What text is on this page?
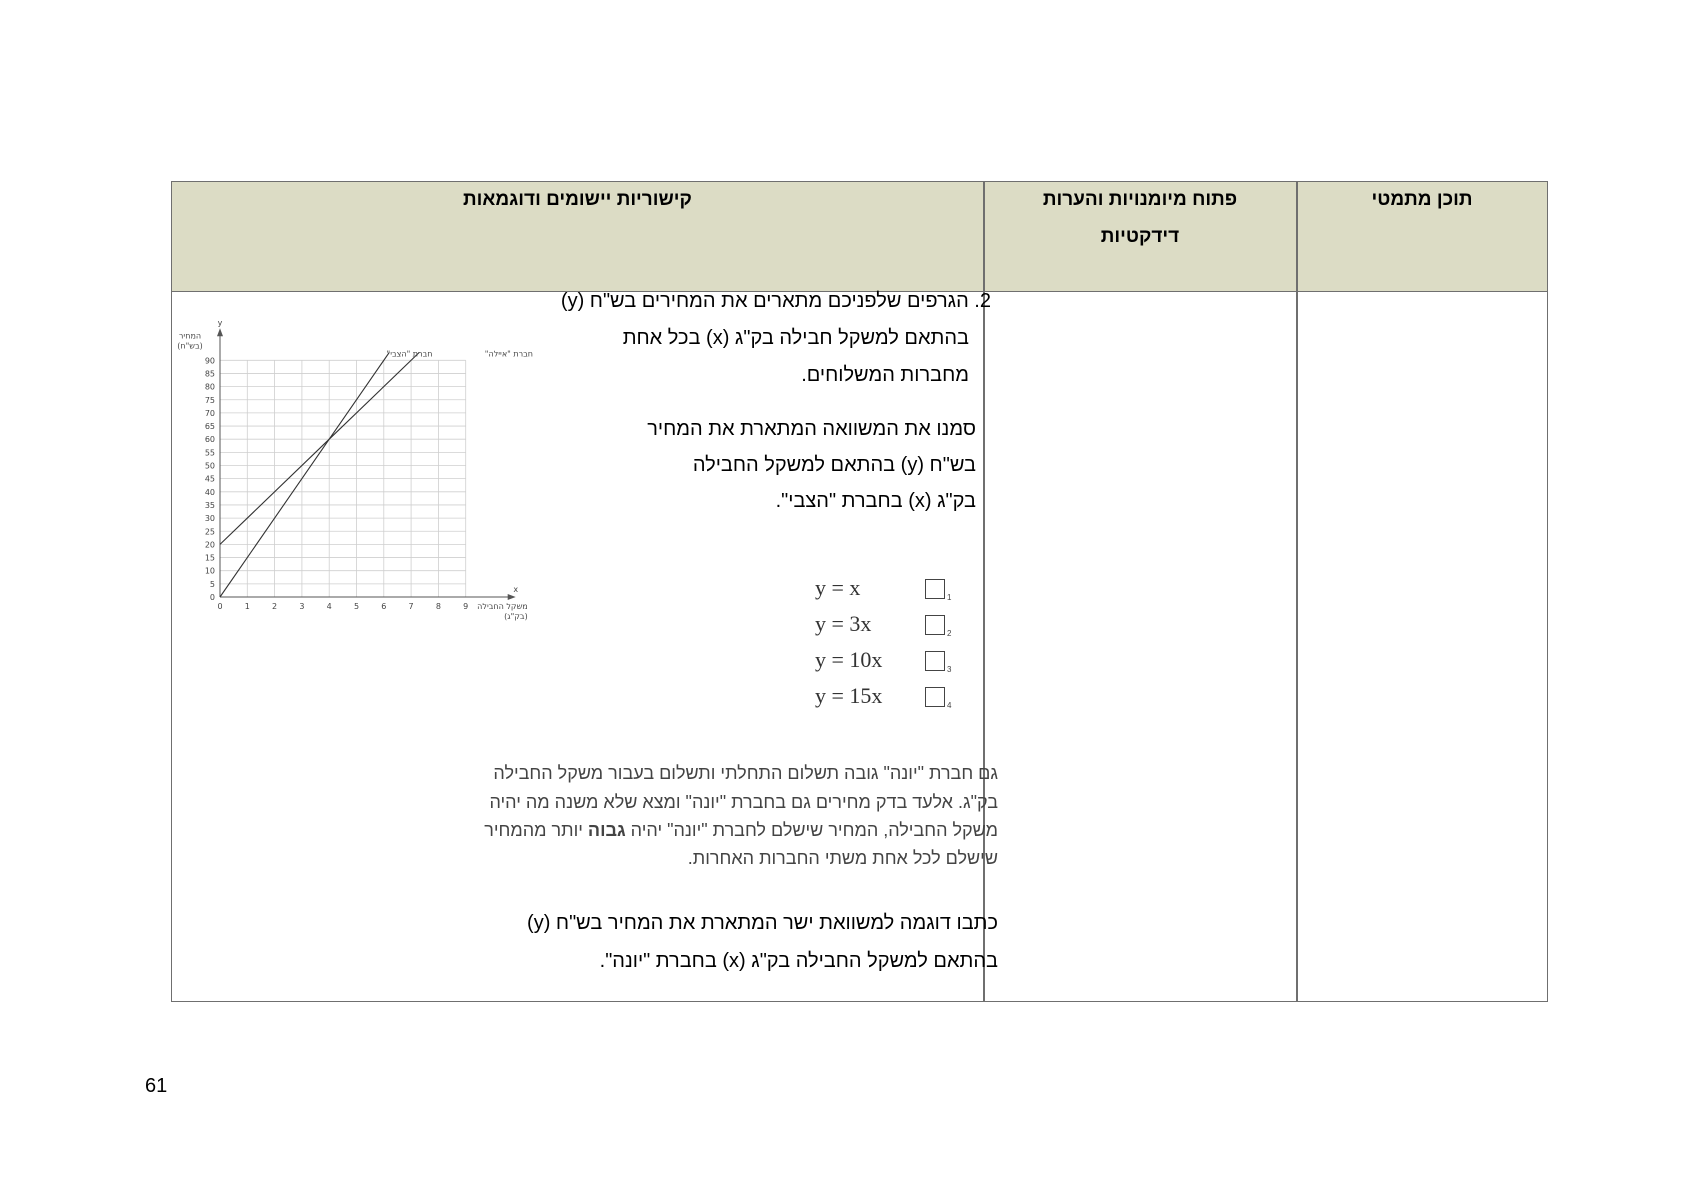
תוכן מתמטי
פתוח מיומנויות והערות
דידקטיות
קישוריות יישומים ודוגמאות
2. הגרפים שלפניכם מתארים את המחירים בש"ח (y)
בהתאם למשקל חבילה בק"ג (x) בכל אחת
מחברות המשלוחים.
סמנו את המשוואה המתארת את המחיר
בש"ח (y) בהתאם למשקל החבילה
בק"ג (x) בחברת "הצבי".
y = x	1
y = 3x	2
y = 10x	3
y = 15x	4
גם חברת "יונה" גובה תשלום התחלתי ותשלום בעבור משקל החבילה
בק"ג. אלעד בדק מחירים גם בחברת "יונה" ומצא שלא משנה מה יהיה
משקל החבילה, המחיר שישלם לחברת "יונה" יהיה גבוה יותר מהמחיר
שישלם לכל אחת משתי החברות האחרות.
כתבו דוגמה למשוואת ישר המתארת את המחיר בש"ח (y)
בהתאם למשקל החבילה בק"ג (x) בחברת "יונה".
0
5
10
15
20
25
30
35
40
45
50
55
60
65
70
75
80
85
90
0	1	2	3	4	5	6	7	8	9
y
x
המחיר
(בש"ח)
משקל החבילה
(בק"ג)
חברת "הצבי"	חברת "איילה"
61
